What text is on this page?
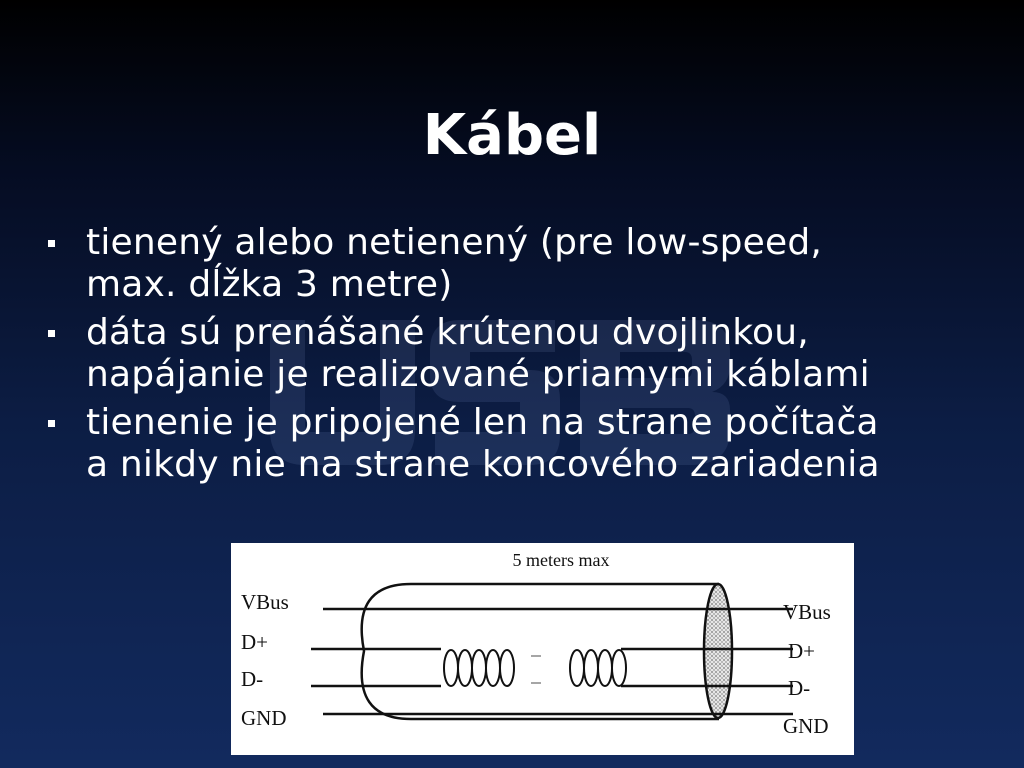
Kábel
tienený alebo netienený (pre low-speed,
max. dĺžka 3 metre)
dáta sú prenášané krútenou dvojlinkou,
napájanie je realizované priamymi káblami
tienenie je pripojené len na strane počítača
a nikdy nie na strane koncového zariadenia
5 meters max
VBus
D+
D-
GND
VBus
D+
D-
GND
